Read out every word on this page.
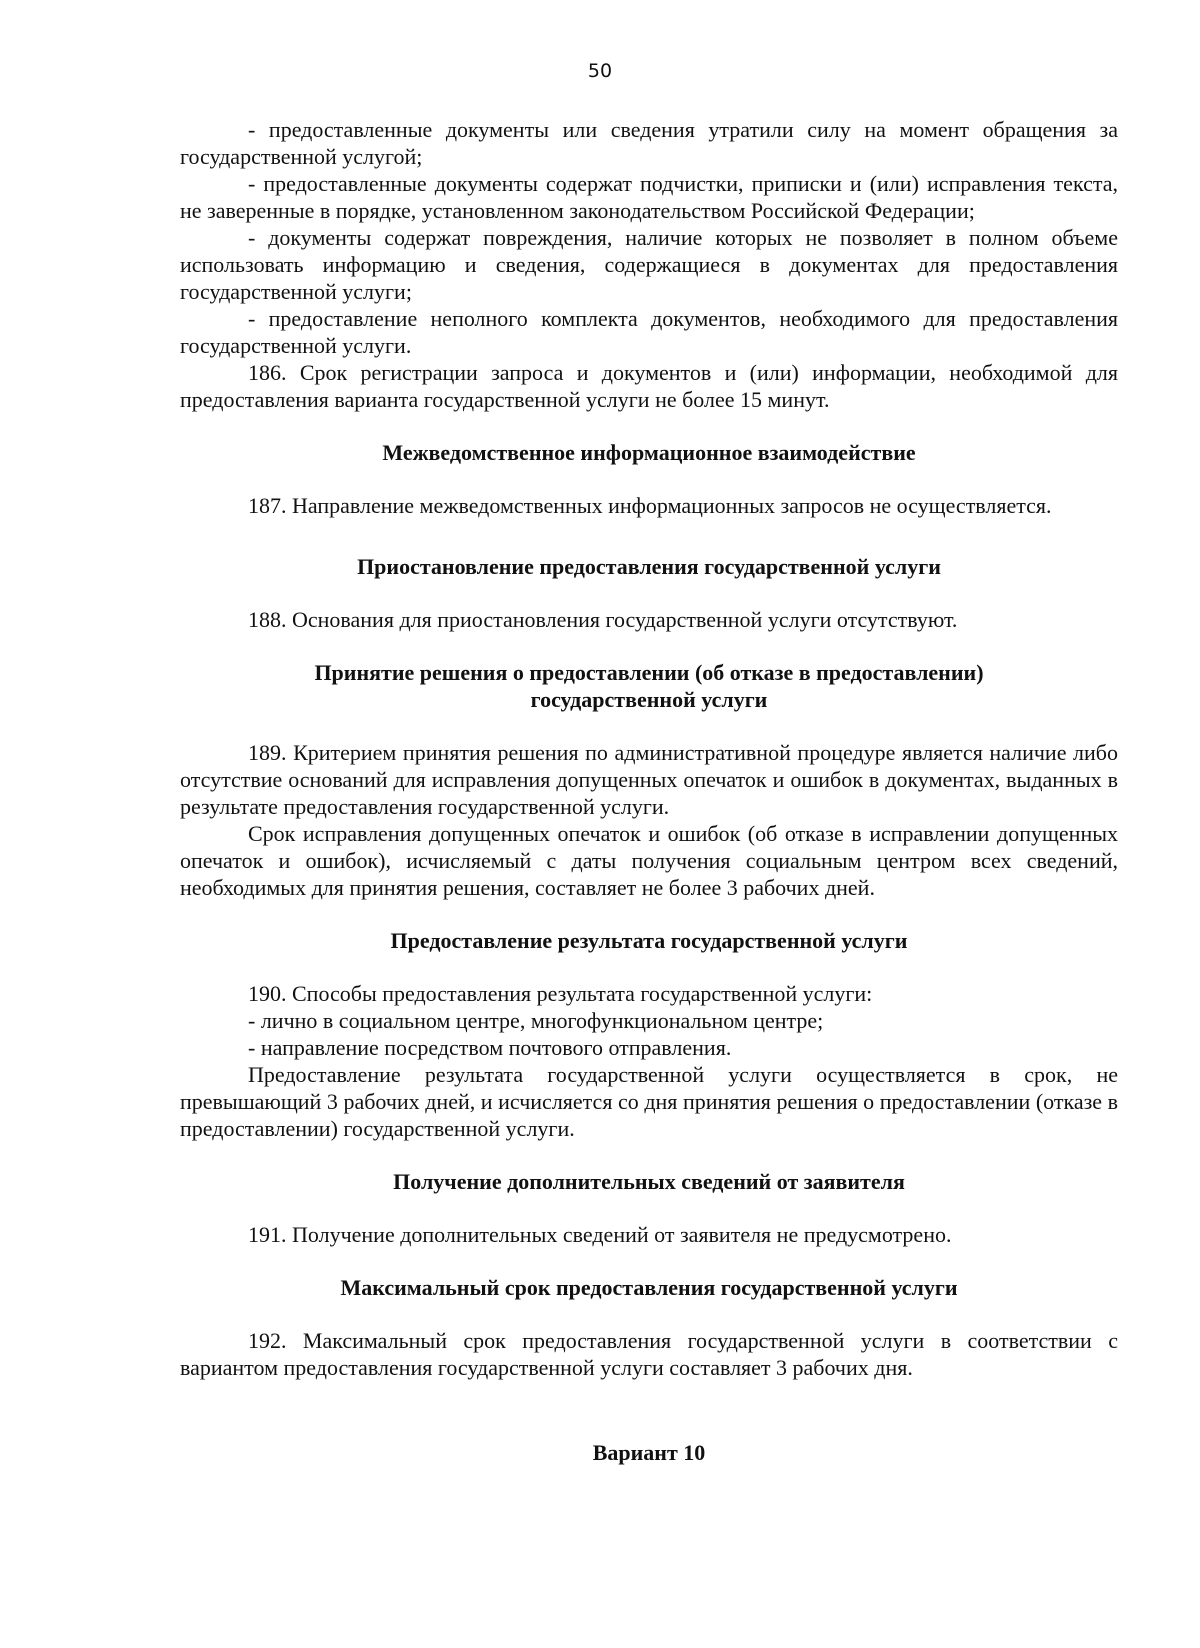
50

- предоставленные документы или сведения утратили силу на момент обращения за государственной услугой;

- предоставленные документы содержат подчистки, приписки и (или) исправления текста, не заверенные в порядке, установленном законодательством Российской Федерации;

- документы содержат повреждения, наличие которых не позволяет в полном объеме использовать информацию и сведения, содержащиеся в документах для предоставления государственной услуги;

- предоставление неполного комплекта документов, необходимого для предоставления государственной услуги.

186. Срок регистрации запроса и документов и (или) информации, необходимой для предоставления варианта государственной услуги не более 15 минут.

Межведомственное информационное взаимодействие

187. Направление межведомственных информационных запросов не осуществляется.

Приостановление предоставления государственной услуги

188. Основания для приостановления государственной услуги отсутствуют.

Принятие решения о предоставлении (об отказе в предоставлении)

государственной услуги

189. Критерием принятия решения по административной процедуре является наличие либо отсутствие оснований для исправления допущенных опечаток и ошибок в документах, выданных в результате предоставления государственной услуги.

Срок исправления допущенных опечаток и ошибок (об отказе в исправлении допущенных опечаток и ошибок), исчисляемый с даты получения социальным центром всех сведений, необходимых для принятия решения, составляет не более 3 рабочих дней.

Предоставление результата государственной услуги

190. Способы предоставления результата государственной услуги:

- лично в социальном центре, многофункциональном центре;

- направление посредством почтового отправления.

Предоставление результата государственной услуги осуществляется в срок, не превышающий 3 рабочих дней, и исчисляется со дня принятия решения о предоставлении (отказе в предоставлении) государственной услуги.

Получение дополнительных сведений от заявителя

191. Получение дополнительных сведений от заявителя не предусмотрено.

Максимальный срок предоставления государственной услуги

192. Максимальный срок предоставления государственной услуги в соответствии с вариантом предоставления государственной услуги составляет 3 рабочих дня.

Вариант 10
